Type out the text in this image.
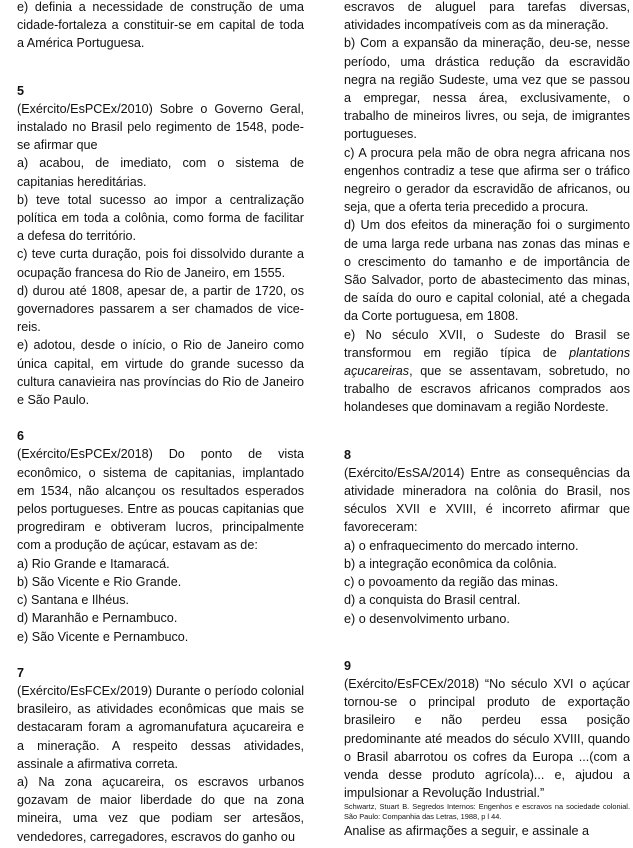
e) definia a necessidade de construção de uma cidade-fortaleza a constituir-se em capital de toda a América Portuguesa.

5

(Exército/EsPCEx/2010) Sobre o Governo Geral, instalado no Brasil pelo regimento de 1548, pode-se afirmar que

a) acabou, de imediato, com o sistema de capitanias hereditárias.

b) teve total sucesso ao impor a centralização política em toda a colônia, como forma de facilitar a defesa do território.

c) teve curta duração, pois foi dissolvido durante a ocupação francesa do Rio de Janeiro, em 1555.

d) durou até 1808, apesar de, a partir de 1720, os governadores passarem a ser chamados de vice-reis.

e) adotou, desde o início, o Rio de Janeiro como única capital, em virtude do grande sucesso da cultura canavieira nas províncias do Rio de Janeiro e São Paulo.

6

(Exército/EsPCEx/2018) Do ponto de vista econômico, o sistema de capitanias, implantado em 1534, não alcançou os resultados esperados pelos portugueses. Entre as poucas capitanias que progrediram e obtiveram lucros, principalmente com a produção de açúcar, estavam as de:

a) Rio Grande e Itamaracá.

b) São Vicente e Rio Grande.

c) Santana e Ilhéus.

d) Maranhão e Pernambuco.

e) São Vicente e Pernambuco.

7

(Exército/EsFCEx/2019) Durante o período colonial brasileiro, as atividades econômicas que mais se destacaram foram a agromanufatura açucareira e a mineração. A respeito dessas atividades, assinale a afirmativa correta.

a) Na zona açucareira, os escravos urbanos gozavam de maior liberdade do que na zona mineira, uma vez que podiam ser artesãos, vendedores, carregadores, escravos do ganho ou

escravos de aluguel para tarefas diversas, atividades incompatíveis com as da mineração.

b) Com a expansão da mineração, deu-se, nesse período, uma drástica redução da escravidão negra na região Sudeste, uma vez que se passou a empregar, nessa área, exclusivamente, o trabalho de mineiros livres, ou seja, de imigrantes portugueses.

c) A procura pela mão de obra negra africana nos engenhos contradiz a tese que afirma ser o tráfico negreiro o gerador da escravidão de africanos, ou seja, que a oferta teria precedido a procura.

d) Um dos efeitos da mineração foi o surgimento de uma larga rede urbana nas zonas das minas e o crescimento do tamanho e de importância de São Salvador, porto de abastecimento das minas, de saída do ouro e capital colonial, até a chegada da Corte portuguesa, em 1808.

e) No século XVII, o Sudeste do Brasil se transformou em região típica de plantations açucareiras, que se assentavam, sobretudo, no trabalho de escravos africanos comprados aos holandeses que dominavam a região Nordeste.

8

(Exército/EsSA/2014) Entre as consequências da atividade mineradora na colônia do Brasil, nos séculos XVII e XVIII, é incorreto afirmar que favoreceram:

a) o enfraquecimento do mercado interno.

b) a integração econômica da colônia.

c) o povoamento da região das minas.

d) a conquista do Brasil central.

e) o desenvolvimento urbano.

9

(Exército/EsFCEx/2018) “No século XVI o açúcar tornou-se o principal produto de exportação brasileiro e não perdeu essa posição predominante até meados do século XVIII, quando o Brasil abarrotou os cofres da Europa ...(com a venda desse produto agrícola)... e, ajudou a impulsionar a Revolução Industrial.”

Schwartz, Stuart B. Segredos Internos: Engenhos e escravos na sociedade colonial. São Paulo: Companhia das Letras, 1988, p l 44.

Analise as afirmações a seguir, e assinale a
